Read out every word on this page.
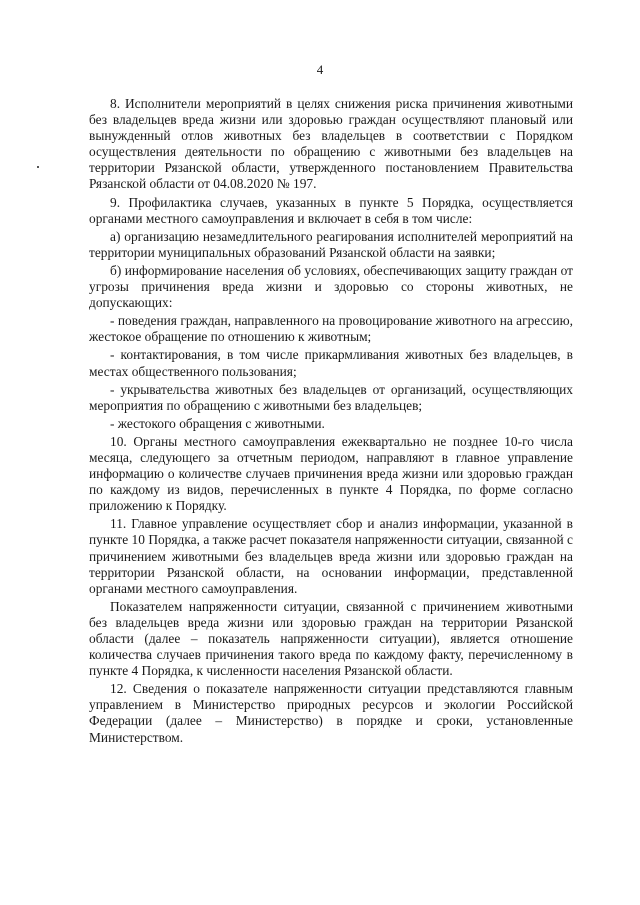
4

8. Исполнители мероприятий в целях снижения риска причинения животными без владельцев вреда жизни или здоровью граждан осуществляют плановый или вынужденный отлов животных без владельцев в соответствии с Порядком осуществления деятельности по обращению с животными без владельцев на территории Рязанской области, утвержденного постановлением Правительства Рязанской области от 04.08.2020 № 197.

9. Профилактика случаев, указанных в пункте 5 Порядка, осуществляется органами местного самоуправления и включает в себя в том числе:

а) организацию незамедлительного реагирования исполнителей мероприятий на территории муниципальных образований Рязанской области на заявки;

б) информирование населения об условиях, обеспечивающих защиту граждан от угрозы причинения вреда жизни и здоровью со стороны животных, не допускающих:

- поведения граждан, направленного на провоцирование животного на агрессию, жестокое обращение по отношению к животным;

- контактирования, в том числе прикармливания животных без владельцев, в местах общественного пользования;

- укрывательства животных без владельцев от организаций, осуществляющих мероприятия по обращению с животными без владельцев;

- жестокого обращения с животными.

10. Органы местного самоуправления ежеквартально не позднее 10-го числа месяца, следующего за отчетным периодом, направляют в главное управление информацию о количестве случаев причинения вреда жизни или здоровью граждан по каждому из видов, перечисленных в пункте 4 Порядка, по форме согласно приложению к Порядку.

11. Главное управление осуществляет сбор и анализ информации, указанной в пункте 10 Порядка, а также расчет показателя напряженности ситуации, связанной с причинением животными без владельцев вреда жизни или здоровью граждан на территории Рязанской области, на основании информации, представленной органами местного самоуправления.

Показателем напряженности ситуации, связанной с причинением животными без владельцев вреда жизни или здоровью граждан на территории Рязанской области (далее – показатель напряженности ситуации), является отношение количества случаев причинения такого вреда по каждому факту, перечисленному в пункте 4 Порядка, к численности населения Рязанской области.

12. Сведения о показателе напряженности ситуации представляются главным управлением в Министерство природных ресурсов и экологии Российской Федерации (далее – Министерство) в порядке и сроки, установленные Министерством.
